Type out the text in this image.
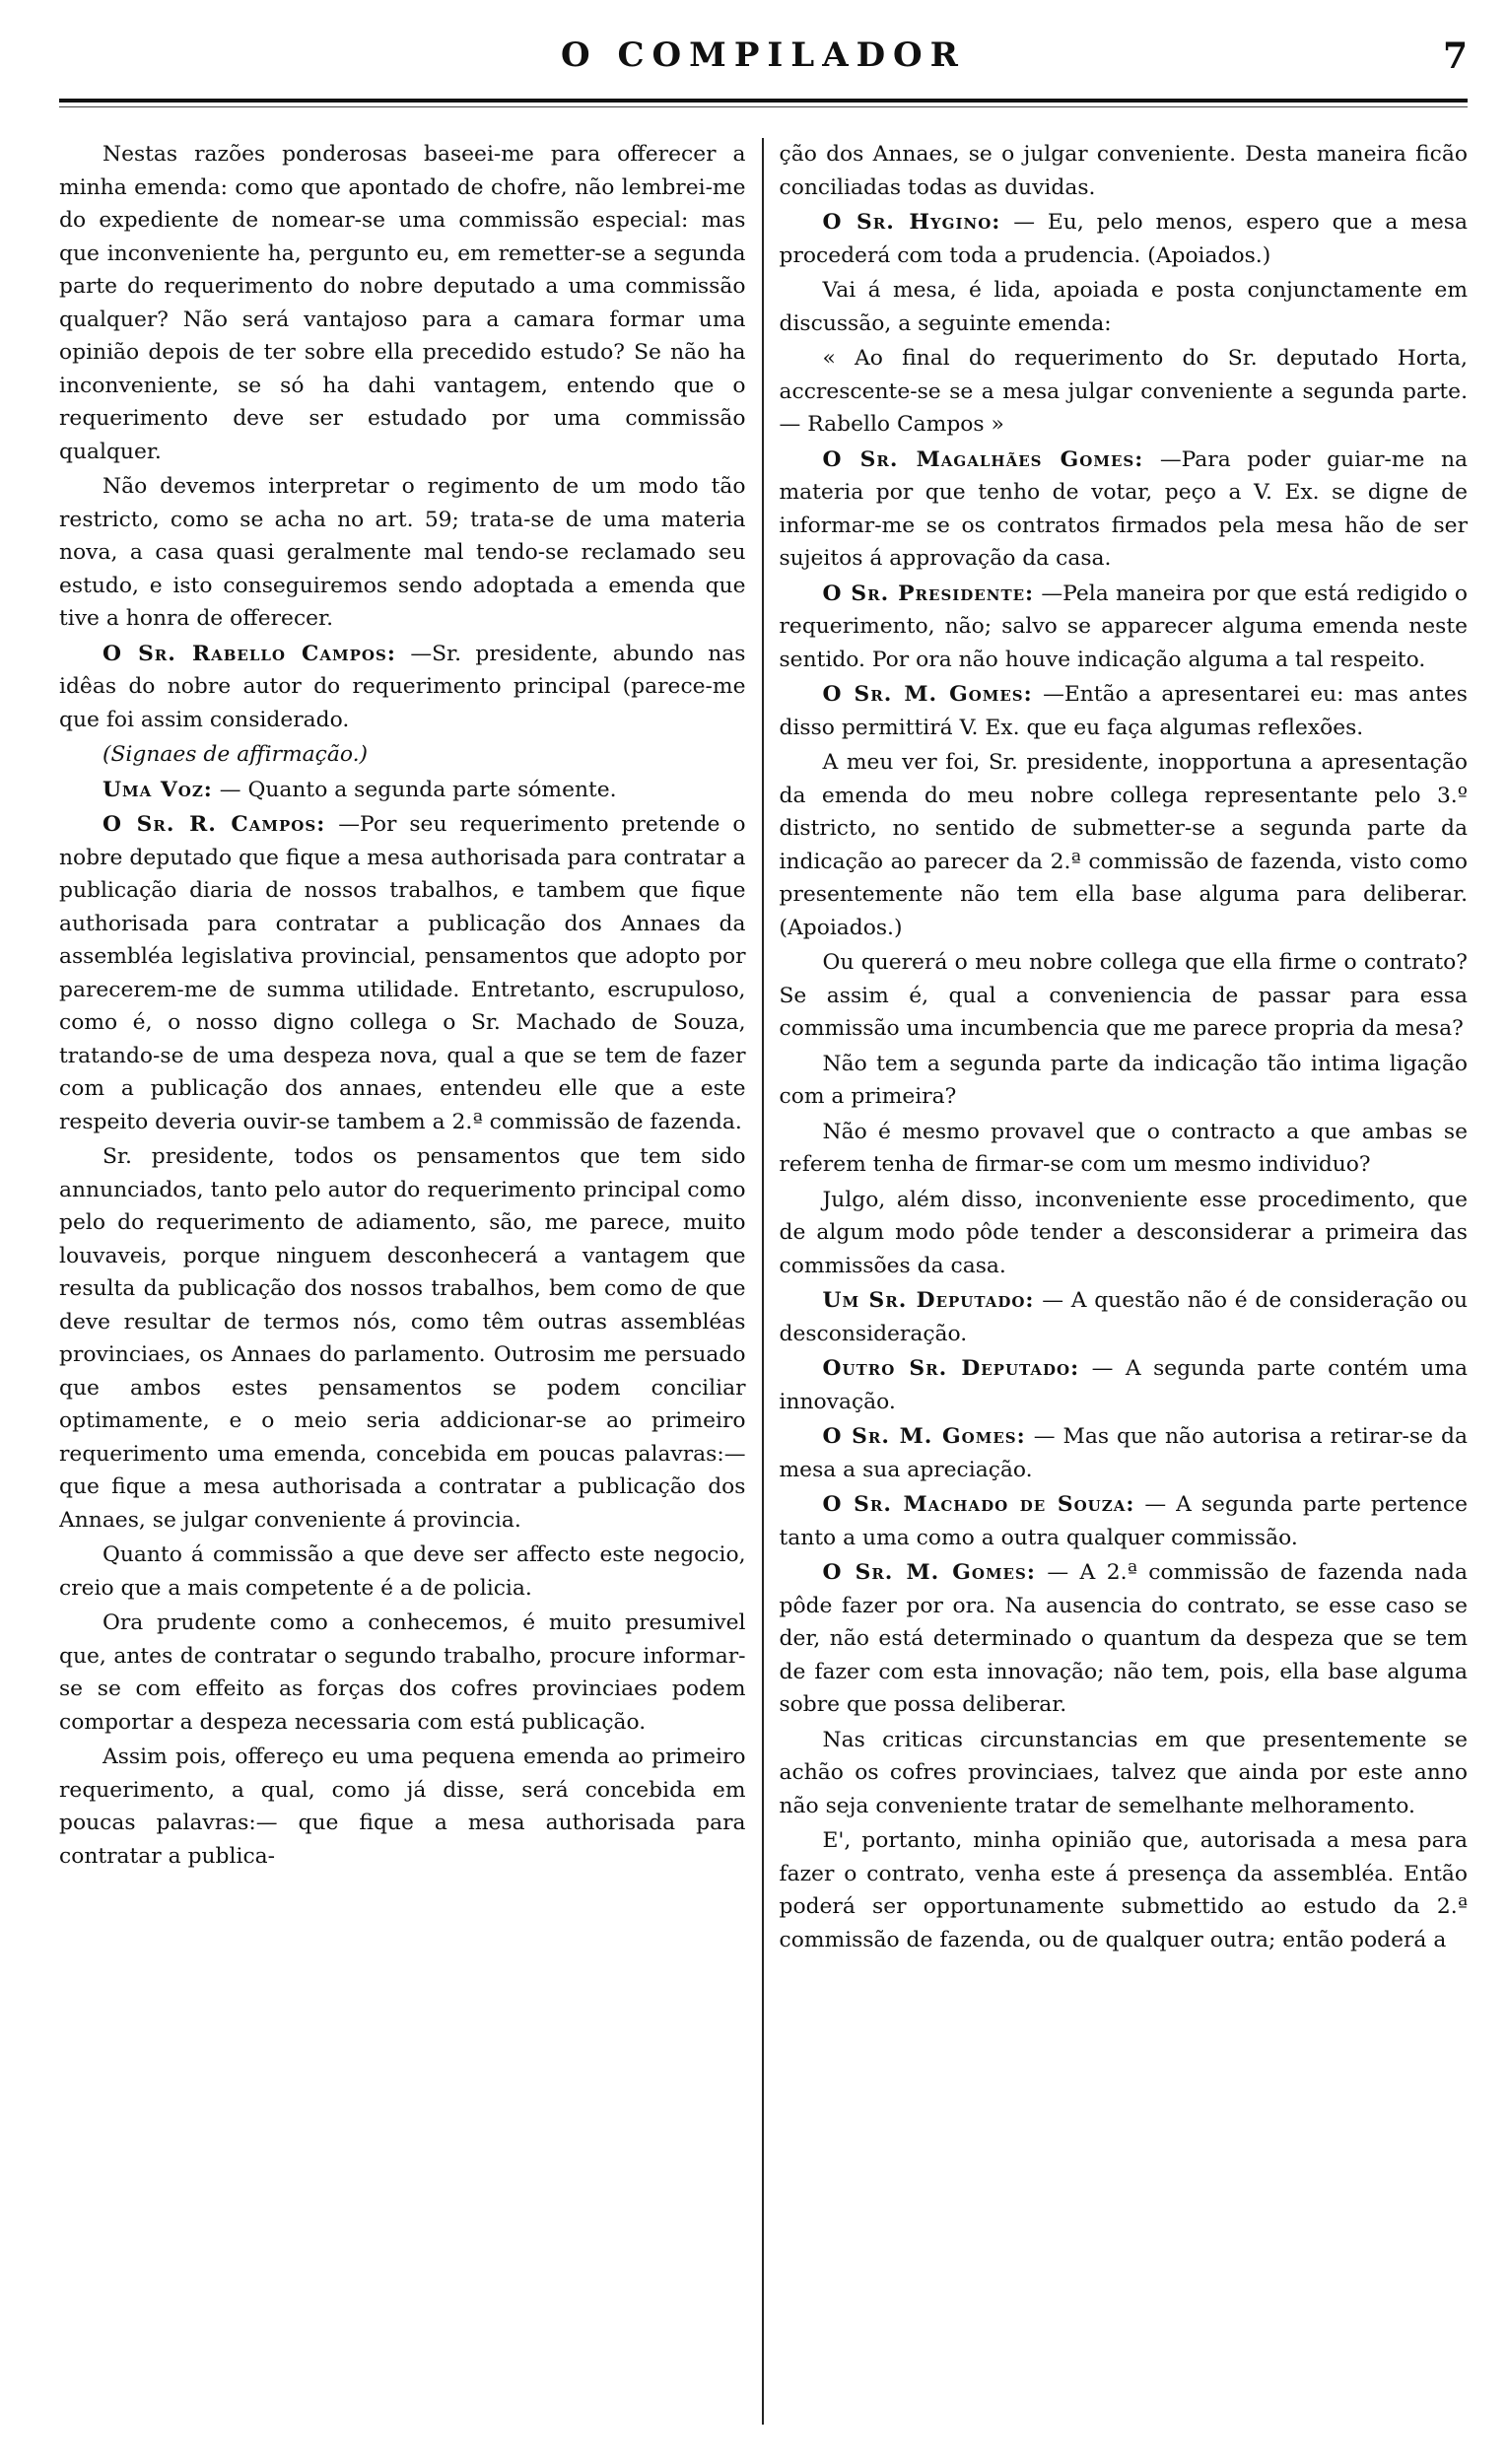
O COMPILADOR	7

Nestas razões ponderosas baseei-me para offerecer a minha emenda: como que apontado de chofre, não lembrei-me do expediente de nomear-se uma commissão especial: mas que inconveniente ha, pergunto eu, em remetter-se a segunda parte do requerimento do nobre deputado a uma commissão qualquer? Não será vantajoso para a camara formar uma opinião depois de ter sobre ella precedido estudo? Se não ha inconveniente, se só ha dahi vantagem, entendo que o requerimento deve ser estudado por uma commissão qualquer.

Não devemos interpretar o regimento de um modo tão restricto, como se acha no art. 59; trata-se de uma materia nova, a casa quasi geralmente mal tendo-se reclamado seu estudo, e isto conseguiremos sendo adoptada a emenda que tive a honra de offerecer.

O Sr. Rabello Campos: —Sr. presidente, abundo nas idêas do nobre autor do requerimento principal (parece-me que foi assim considerado.

(Signaes de affirmação.)

Uma Voz: — Quanto a segunda parte sómente.

O Sr. R. Campos: —Por seu requerimento pretende o nobre deputado que fique a mesa authorisada para contratar a publicação diaria de nossos trabalhos, e tambem que fique authorisada para contratar a publicação dos Annaes da assembléa legislativa provincial, pensamentos que adopto por parecerem-me de summa utilidade. Entretanto, escrupuloso, como é, o nosso digno collega o Sr. Machado de Souza, tratando-se de uma despeza nova, qual a que se tem de fazer com a publicação dos annaes, entendeu elle que a este respeito deveria ouvir-se tambem a 2.ª commissão de fazenda.

Sr. presidente, todos os pensamentos que tem sido annunciados, tanto pelo autor do requerimento principal como pelo do requerimento de adiamento, são, me parece, muito louvaveis, porque ninguem desconhecerá a vantagem que resulta da publicação dos nossos trabalhos, bem como de que deve resultar de termos nós, como têm outras assembléas provinciaes, os Annaes do parlamento. Outrosim me persuado que ambos estes pensamentos se podem conciliar optimamente, e o meio seria addicionar-se ao primeiro requerimento uma emenda, concebida em poucas palavras:—que fique a mesa authorisada a contratar a publicação dos Annaes, se julgar conveniente á provincia.

Quanto á commissão a que deve ser affecto este negocio, creio que a mais competente é a de policia.

Ora prudente como a conhecemos, é muito presumivel que, antes de contratar o segundo trabalho, procure informar-se se com effeito as forças dos cofres provinciaes podem comportar a despeza necessaria com está publicação.

Assim pois, offereço eu uma pequena emenda ao primeiro requerimento, a qual, como já disse, será concebida em poucas palavras:— que fique a mesa authorisada para contratar a publica-

ção dos Annaes, se o julgar conveniente. Desta maneira ficão conciliadas todas as duvidas.

O Sr. Hygino: — Eu, pelo menos, espero que a mesa procederá com toda a prudencia. (Apoiados.)

Vai á mesa, é lida, apoiada e posta conjunctamente em discussão, a seguinte emenda:

« Ao final do requerimento do Sr. deputado Horta, accrescente-se se a mesa julgar conveniente a segunda parte.— Rabello Campos »

O Sr. Magalhães Gomes: —Para poder guiar-me na materia por que tenho de votar, peço a V. Ex. se digne de informar-me se os contratos firmados pela mesa hão de ser sujeitos á approvação da casa.

O Sr. Presidente: —Pela maneira por que está redigido o requerimento, não; salvo se apparecer alguma emenda neste sentido. Por ora não houve indicação alguma a tal respeito.

O Sr. M. Gomes: —Então a apresentarei eu: mas antes disso permittirá V. Ex. que eu faça algumas reflexões.

A meu ver foi, Sr. presidente, inopportuna a apresentação da emenda do meu nobre collega representante pelo 3.º districto, no sentido de submetter-se a segunda parte da indicação ao parecer da 2.ª commissão de fazenda, visto como presentemente não tem ella base alguma para deliberar. (Apoiados.)

Ou quererá o meu nobre collega que ella firme o contrato? Se assim é, qual a conveniencia de passar para essa commissão uma incumbencia que me parece propria da mesa?

Não tem a segunda parte da indicação tão intima ligação com a primeira?

Não é mesmo provavel que o contracto a que ambas se referem tenha de firmar-se com um mesmo individuo?

Julgo, além disso, inconveniente esse procedimento, que de algum modo pôde tender a desconsiderar a primeira das commissões da casa.

Um Sr. Deputado: — A questão não é de consideração ou desconsideração.

Outro Sr. Deputado: — A segunda parte contém uma innovação.

O Sr. M. Gomes: — Mas que não autorisa a retirar-se da mesa a sua apreciação.

O Sr. Machado de Souza: — A segunda parte pertence tanto a uma como a outra qualquer commissão.

O Sr. M. Gomes: — A 2.ª commissão de fazenda nada pôde fazer por ora. Na ausencia do contrato, se esse caso se der, não está determinado o quantum da despeza que se tem de fazer com esta innovação; não tem, pois, ella base alguma sobre que possa deliberar.

Nas criticas circunstancias em que presentemente se achão os cofres provinciaes, talvez que ainda por este anno não seja conveniente tratar de semelhante melhoramento.

E', portanto, minha opinião que, autorisada a mesa para fazer o contrato, venha este á presença da assembléa. Então poderá ser opportunamente submettido ao estudo da 2.ª commissão de fazenda, ou de qualquer outra; então poderá a
